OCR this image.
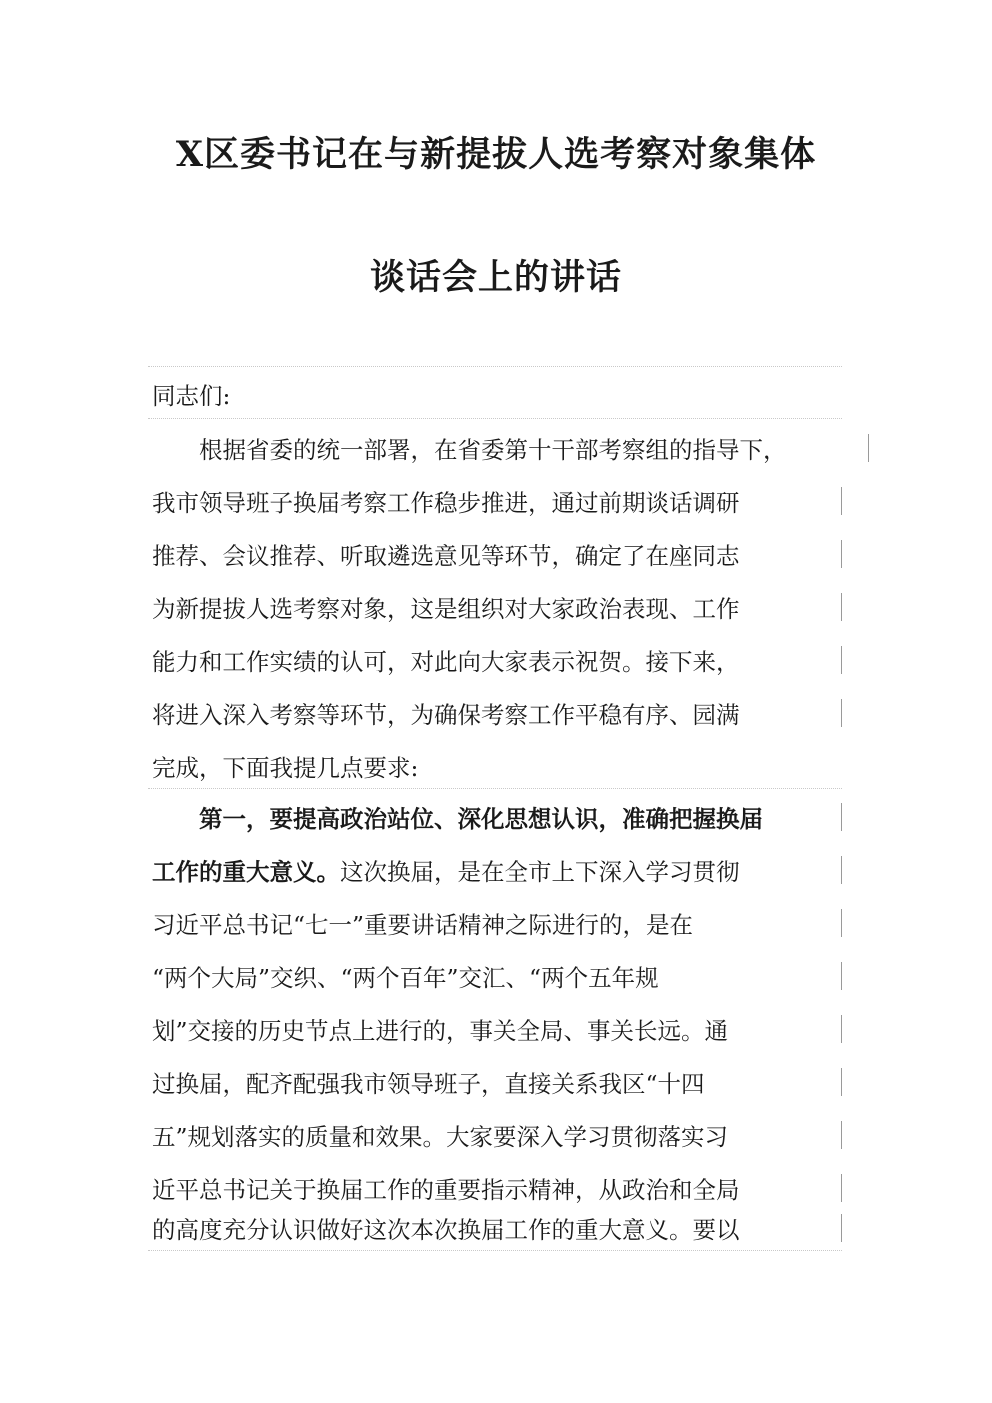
X区委书记在与新提拔人选考察对象集体
谈话会上的讲话
同志们:
　　根据省委的统一部署，在省委第十干部考察组的指导下，
我市领导班子换届考察工作稳步推进，通过前期谈话调研
推荐、会议推荐、听取遴选意见等环节，确定了在座同志
为新提拔人选考察对象，这是组织对大家政治表现、工作
能力和工作实绩的认可，对此向大家表示祝贺。接下来，
将进入深入考察等环节，为确保考察工作平稳有序、园满
完成，下面我提几点要求:
　　第一，要提高政治站位、深化思想认识，准确把握换届
工作的重大意义。这次换届，是在全市上下深入学习贯彻
习近平总书记“七一”重要讲话精神之际进行的，是在
“两个大局”交织、“两个百年”交汇、“两个五年规
划”交接的历史节点上进行的，事关全局、事关长远。通
过换届，配齐配强我市领导班子，直接关系我区“十四
五”规划落实的质量和效果。大家要深入学习贯彻落实习
近平总书记关于换届工作的重要指示精神，从政治和全局
的高度充分认识做好这次本次换届工作的重大意义。要以
